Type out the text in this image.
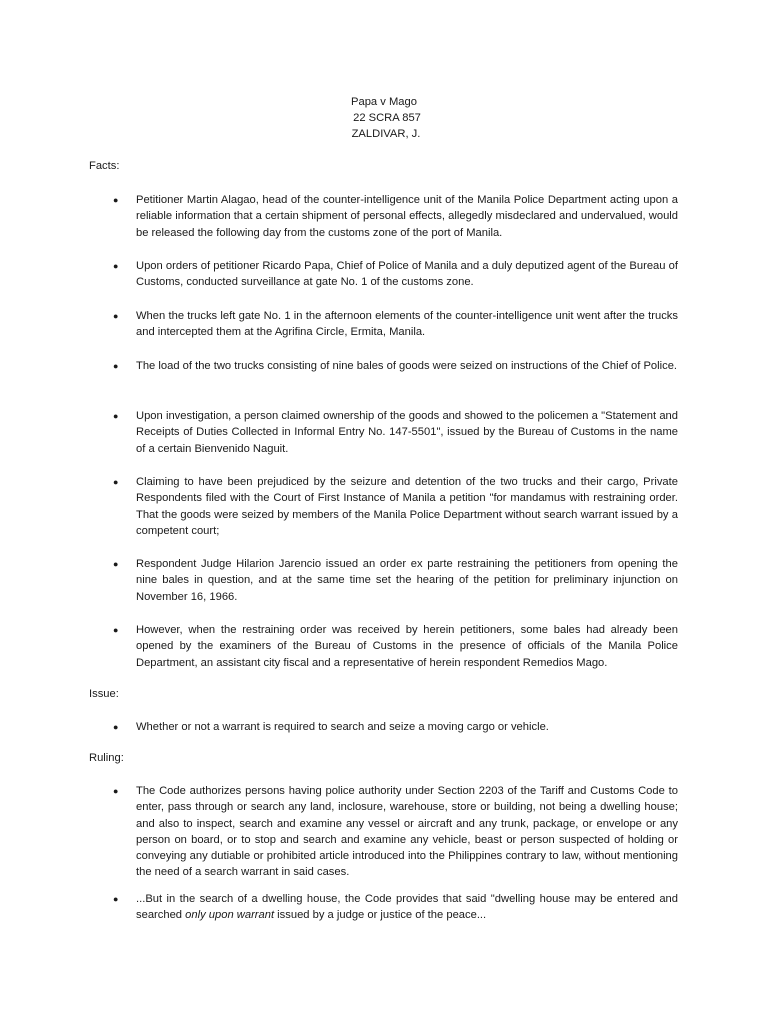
Papa v Mago
22 SCRA 857
ZALDIVAR, J.
Facts:
● Petitioner Martin Alagao, head of the counter-intelligence unit of the Manila Police Department acting upon a reliable information that a certain shipment of personal effects, allegedly misdeclared and undervalued, would be released the following day from the customs zone of the port of Manila.
● Upon orders of petitioner Ricardo Papa, Chief of Police of Manila and a duly deputized agent of the Bureau of Customs, conducted surveillance at gate No. 1 of the customs zone.
● When the trucks left gate No. 1 in the afternoon elements of the counter-intelligence unit went after the trucks and intercepted them at the Agrifina Circle, Ermita, Manila.
● The load of the two trucks consisting of nine bales of goods were seized on instructions of the Chief of Police.
● Upon investigation, a person claimed ownership of the goods and showed to the policemen a "Statement and Receipts of Duties Collected in Informal Entry No. 147-5501", issued by the Bureau of Customs in the name of a certain Bienvenido Naguit.
● Claiming to have been prejudiced by the seizure and detention of the two trucks and their cargo, Private Respondents filed with the Court of First Instance of Manila a petition "for mandamus with restraining order. That the goods were seized by members of the Manila Police Department without search warrant issued by a competent court;
● Respondent Judge Hilarion Jarencio issued an order ex parte restraining the petitioners from opening the nine bales in question, and at the same time set the hearing of the petition for preliminary injunction on November 16, 1966.
● However, when the restraining order was received by herein petitioners, some bales had already been opened by the examiners of the Bureau of Customs in the presence of officials of the Manila Police Department, an assistant city fiscal and a representative of herein respondent Remedios Mago.
Issue:
● Whether or not a warrant is required to search and seize a moving cargo or vehicle.
Ruling:
● The Code authorizes persons having police authority under Section 2203 of the Tariff and Customs Code to enter, pass through or search any land, inclosure, warehouse, store or building, not being a dwelling house; and also to inspect, search and examine any vessel or aircraft and any trunk, package, or envelope or any person on board, or to stop and search and examine any vehicle, beast or person suspected of holding or conveying any dutiable or prohibited article introduced into the Philippines contrary to law, without mentioning the need of a search warrant in said cases.
● ...But in the search of a dwelling house, the Code provides that said "dwelling house may be entered and searched only upon warrant issued by a judge or justice of the peace...
